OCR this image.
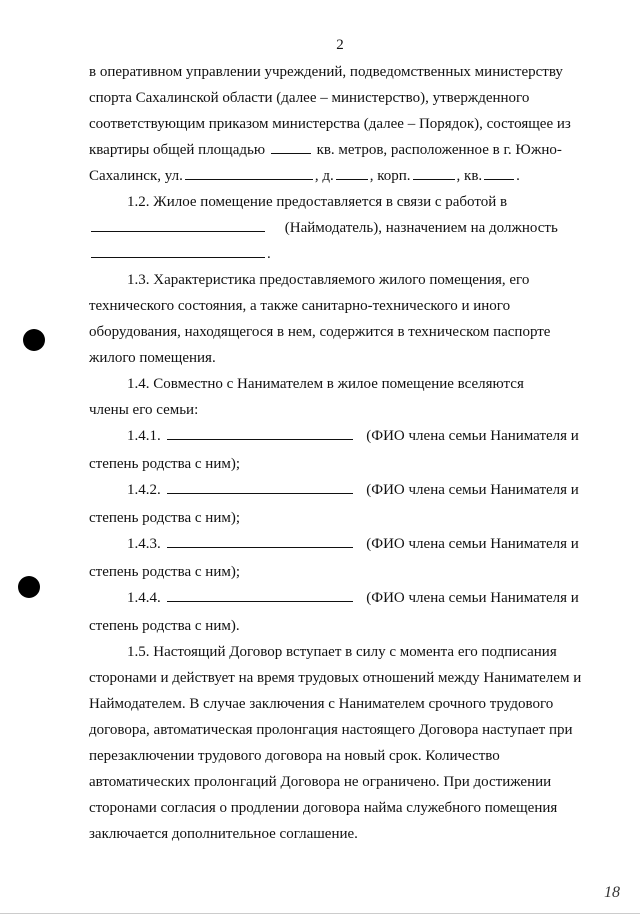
2
в оперативном управлении учреждений, подведомственных министерству
спорта Сахалинской области (далее – министерство), утвержденного
соответствующим приказом министерства (далее – Порядок), состоящее из
квартиры общей площадью	кв. метров, расположенное в г. Южно-
Сахалинск, ул.	, д. , корп.	, кв. .
1.2. Жилое помещение предоставляется в связи с работой в
(Наймодатель), назначением на должность
.
1.3. Характеристика предоставляемого жилого помещения, его
технического состояния, а также санитарно-технического и иного
оборудования, находящегося в нем, содержится в техническом паспорте
жилого помещения.
1.4. Совместно с Нанимателем в жилое помещение вселяются
члены его семьи:
1.4.1.	(ФИО члена семьи Нанимателя и
степень родства с ним);
1.4.2.	(ФИО члена семьи Нанимателя и
степень родства с ним);
1.4.3.	(ФИО члена семьи Нанимателя и
степень родства с ним);
1.4.4.	(ФИО члена семьи Нанимателя и
степень родства с ним).
1.5. Настоящий Договор вступает в силу с момента его подписания
сторонами и действует на время трудовых отношений между Нанимателем и
Наймодателем. В случае заключения с Нанимателем срочного трудового
договора, автоматическая пролонгация настоящего Договора наступает при
перезаключении трудового договора на новый срок. Количество
автоматических пролонгаций Договора не ограничено. При достижении
сторонами согласия о продлении договора найма служебного помещения
заключается дополнительное соглашение.
18
